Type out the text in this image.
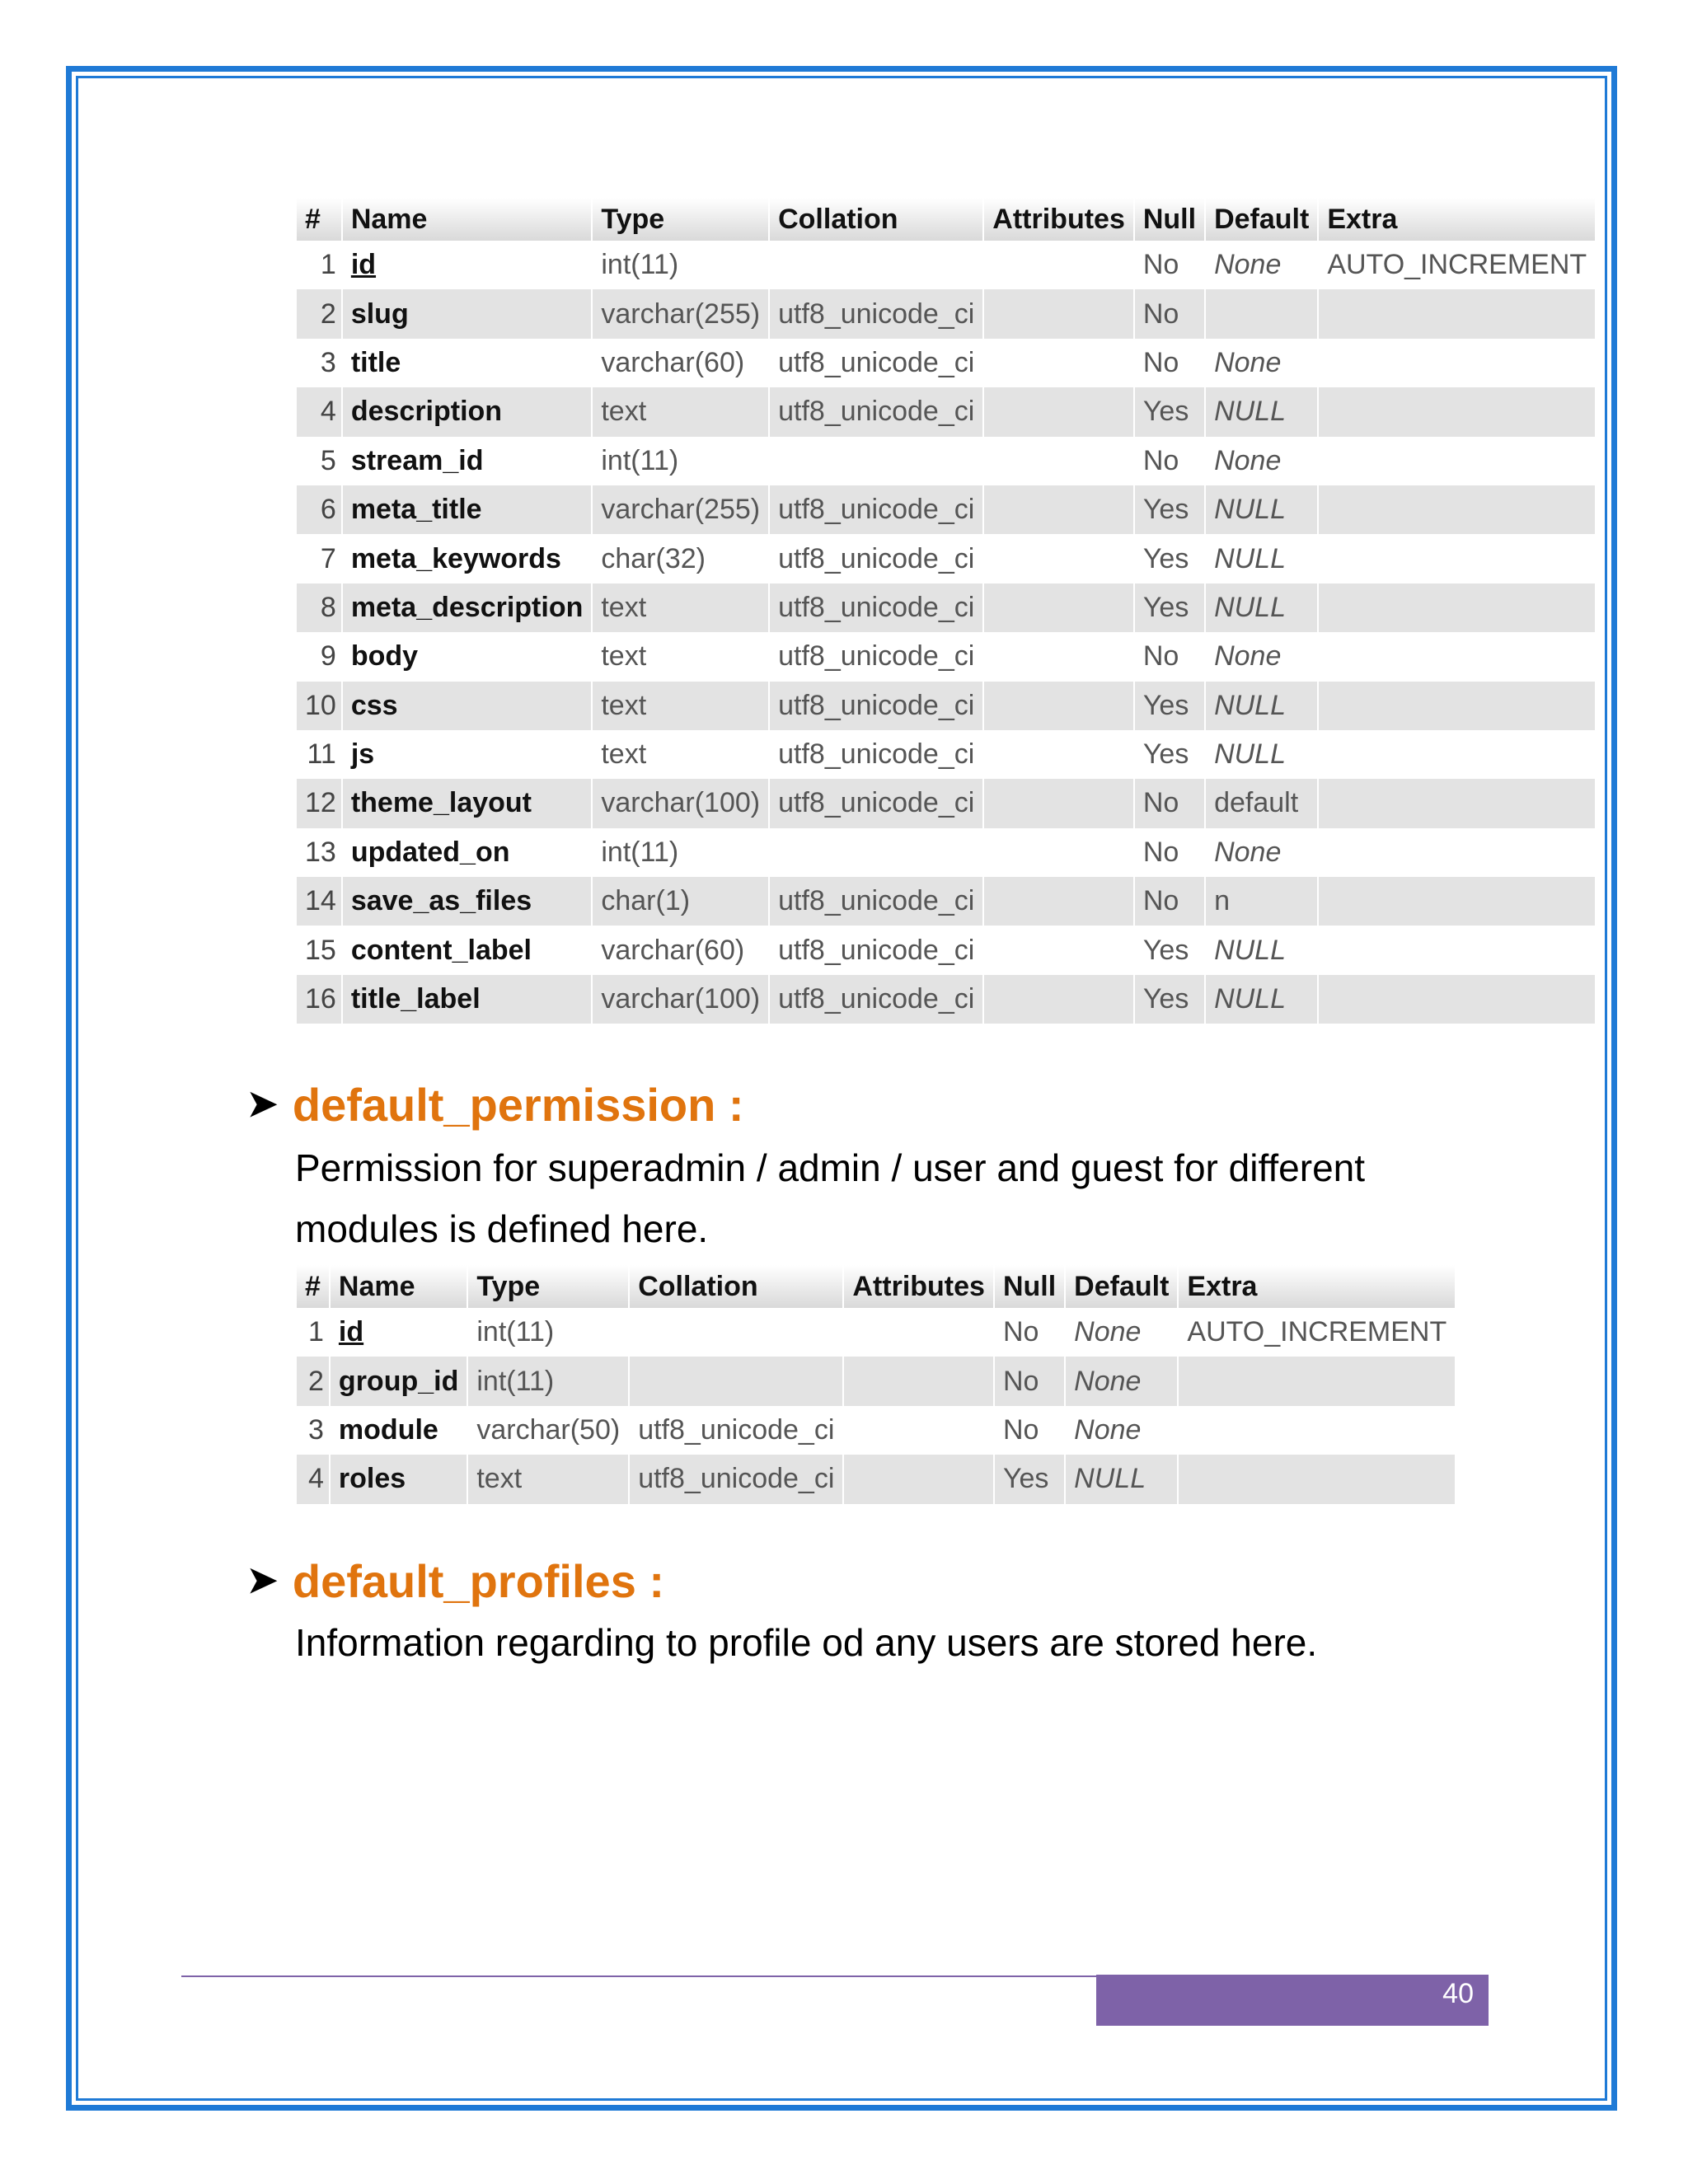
#	Name	Type	Collation	Attributes	Null	Default	Extra
1	id	int(11)			No	None	AUTO_INCREMENT
2	slug	varchar(255)	utf8_unicode_ci		No		
3	title	varchar(60)	utf8_unicode_ci		No	None	
4	description	text	utf8_unicode_ci		Yes	NULL	
5	stream_id	int(11)			No	None	
6	meta_title	varchar(255)	utf8_unicode_ci		Yes	NULL	
7	meta_keywords	char(32)	utf8_unicode_ci		Yes	NULL	
8	meta_description	text	utf8_unicode_ci		Yes	NULL	
9	body	text	utf8_unicode_ci		No	None	
10	css	text	utf8_unicode_ci		Yes	NULL	
11	js	text	utf8_unicode_ci		Yes	NULL	
12	theme_layout	varchar(100)	utf8_unicode_ci		No	default	
13	updated_on	int(11)			No	None	
14	save_as_files	char(1)	utf8_unicode_ci		No	n	
15	content_label	varchar(60)	utf8_unicode_ci		Yes	NULL	
16	title_label	varchar(100)	utf8_unicode_ci		Yes	NULL	
➤ default_permission :
Permission for superadmin / admin / user and guest for different
modules is defined here.
#	Name	Type	Collation	Attributes	Null	Default	Extra
1	id	int(11)			No	None	AUTO_INCREMENT
2	group_id	int(11)			No	None	
3	module	varchar(50)	utf8_unicode_ci		No	None	
4	roles	text	utf8_unicode_ci		Yes	NULL	
➤ default_profiles :
Information regarding to profile od any users are stored here.
40
